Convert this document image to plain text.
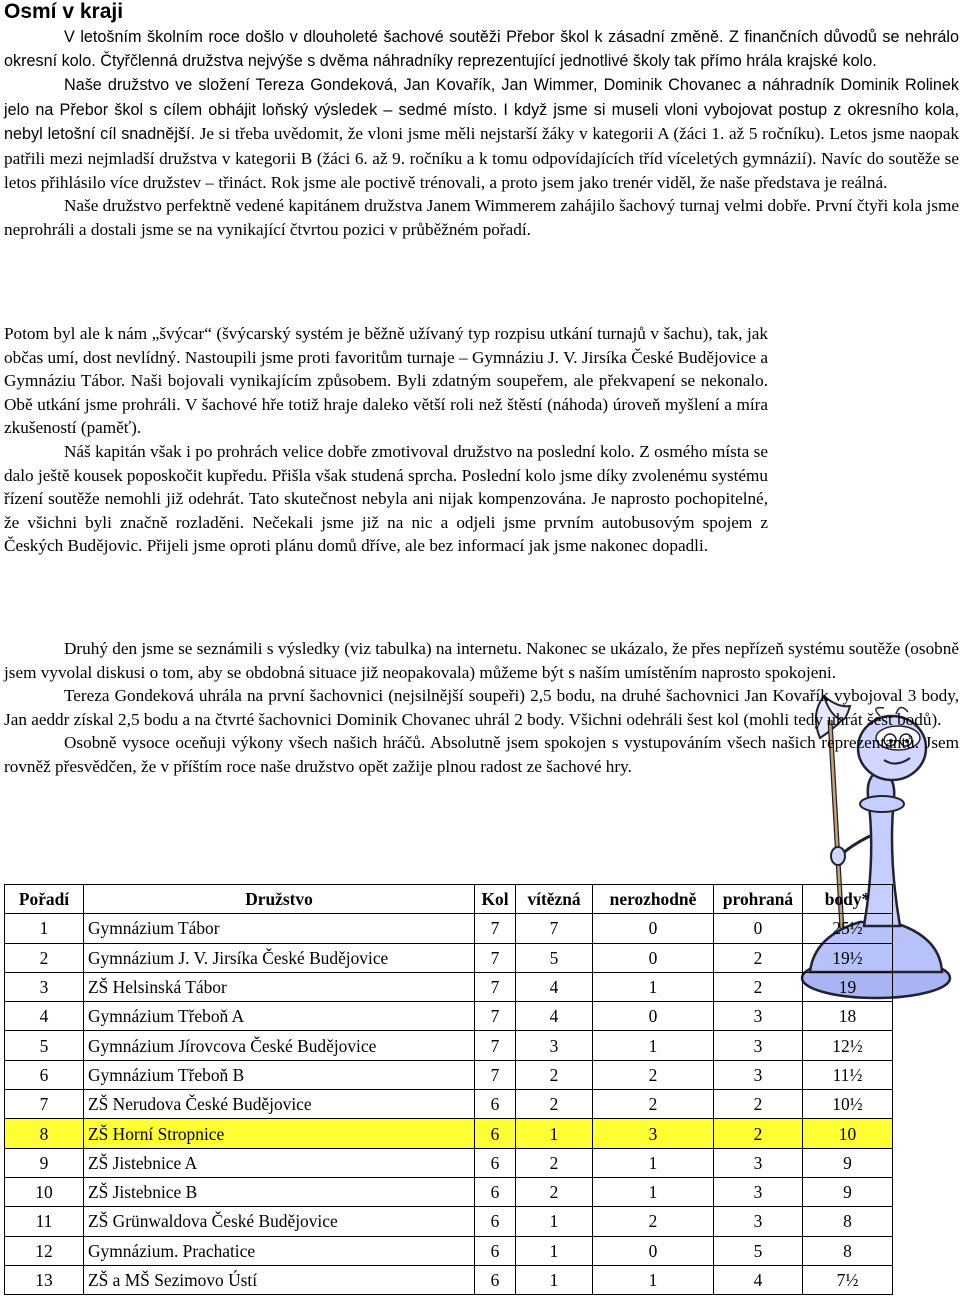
Osmí v kraji

V letošním školním roce došlo v dlouholeté šachové soutěži Přebor škol k zásadní změně. Z finančních důvodů se nehrálo okresní kolo. Čtyřčlenná družstva nejvýše s dvěma náhradníky reprezentující jednotlivé školy tak přímo hrála krajské kolo.

Naše družstvo ve složení Tereza Gondeková, Jan Kovařík, Jan Wimmer, Dominik Chovanec a náhradník Dominik Rolinek jelo na Přebor škol s cílem obhájit loňský výsledek – sedmé místo. I když jsme si museli vloni vybojovat postup z okresního kola, nebyl letošní cíl snadnější. Je si třeba uvědomit, že vloni jsme měli nejstarší žáky v kategorii A (žáci 1. až 5 ročníku). Letos jsme naopak patřili mezi nejmladší družstva v kategorii B (žáci 6. až 9. ročníku a k tomu odpovídajících tříd víceletých gymnázií). Navíc do soutěže se letos přihlásilo více družstev – třináct. Rok jsme ale poctivě trénovali, a proto jsem jako trenér viděl, že naše představa je reálná.

Naše družstvo perfektně vedené kapitánem družstva Janem Wimmerem zahájilo šachový turnaj velmi dobře. První čtyři kola jsme neprohráli a dostali jsme se na vynikající čtvrtou pozici v průběžném pořadí.

Potom byl ale k nám „švýcar“ (švýcarský systém je běžně užívaný typ rozpisu utkání turnajů v šachu), tak, jak občas umí, dost nevlídný. Nastoupili jsme proti favoritům turnaje – Gymnáziu J. V. Jirsíka České Budějovice a Gymnáziu Tábor. Naši bojovali vynikajícím způsobem. Byli zdatným soupeřem, ale překvapení se nekonalo. Obě utkání jsme prohráli. V šachové hře totiž hraje daleko větší roli než štěstí (náhoda) úroveň myšlení a míra zkušeností (paměť).

Náš kapitán však i po prohrách velice dobře zmotivoval družstvo na poslední kolo. Z osmého místa se dalo ještě kousek poposkočit kupředu. Přišla však studená sprcha. Poslední kolo jsme díky zvolenému systému řízení soutěže nemohli již odehrát. Tato skutečnost nebyla ani nijak kompenzována. Je naprosto pochopitelné, že všichni byli značně rozladěni. Nečekali jsme již na nic a odjeli jsme prvním autobusovým spojem z Českých Budějovic. Přijeli jsme oproti plánu domů dříve, ale bez informací jak jsme nakonec dopadli.

Druhý den jsme se seznámili s výsledky (viz tabulka) na internetu. Nakonec se ukázalo, že přes nepřízeň systému soutěže (osobně jsem vyvolal diskusi o tom, aby se obdobná situace již neopakovala) můžeme být s naším umístěním naprosto spokojeni.

Tereza Gondeková uhrála na první šachovnici (nejsilnější soupeři) 2,5 bodu, na druhé šachovnici Jan Kovařík vybojoval 3 body, Jan aeddr získal 2,5 bodu a na čtvrté šachovnici Dominik Chovanec uhrál 2 body. Všichni odehráli šest kol (mohli tedy uhrát šest bodů).

Osobně vysoce oceňuji výkony všech našich hráčů. Absolutně jsem spokojen s vystupováním všech našich reprezentantů. Jsem rovněž přesvědčen, že v příštím roce naše družstvo opět zažije plnou radost ze šachové hry.

Pořadí	Družstvo	Kol	vítězná	nerozhodně	prohraná	body*
1	Gymnázium Tábor	7	7	0	0	25½
2	Gymnázium J. V. Jirsíka České Budějovice	7	5	0	2	19½
3	ZŠ Helsinská Tábor	7	4	1	2	19
4	Gymnázium Třeboň A	7	4	0	3	18
5	Gymnázium Jírovcova České Budějovice	7	3	1	3	12½
6	Gymnázium Třeboň B	7	2	2	3	11½
7	ZŠ Nerudova České Budějovice	6	2	2	2	10½
8	ZŠ Horní Stropnice	6	1	3	2	10
9	ZŠ Jistebnice A	6	2	1	3	9
10	ZŠ Jistebnice B	6	2	1	3	9
11	ZŠ Grünwaldova České Budějovice	6	1	2	3	8
12	Gymnázium. Prachatice	6	1	0	5	8
13	ZŠ a MŠ Sezimovo Ústí	6	1	1	4	7½
